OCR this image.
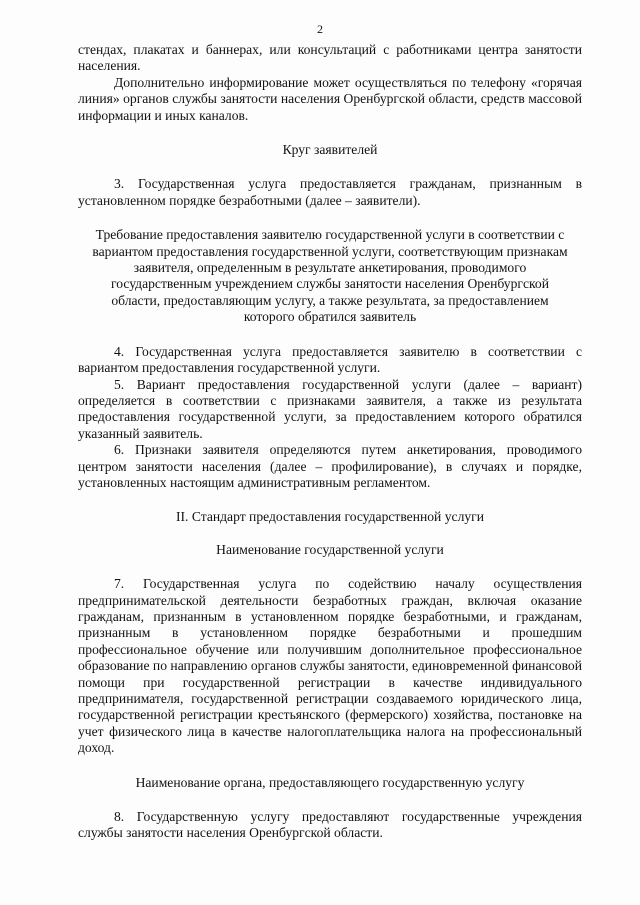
2

стендах, плакатах и баннерах, или консультаций с работниками центра занятости населения.

Дополнительно информирование может осуществляться по телефону «горячая линия» органов службы занятости населения Оренбургской области, средств массовой информации и иных каналов.

Круг заявителей

3. Государственная услуга предоставляется гражданам, признанным в установленном порядке безработными (далее – заявители).

Требование предоставления заявителю государственной услуги в соответствии с вариантом предоставления государственной услуги, соответствующим признакам заявителя, определенным в результате анкетирования, проводимого государственным учреждением службы занятости населения Оренбургской области, предоставляющим услугу, а также результата, за предоставлением которого обратился заявитель

4. Государственная услуга предоставляется заявителю в соответствии с вариантом предоставления государственной услуги.

5. Вариант предоставления государственной услуги (далее – вариант) определяется в соответствии с признаками заявителя, а также из результата предоставления государственной услуги, за предоставлением которого обратился указанный заявитель.

6. Признаки заявителя определяются путем анкетирования, проводимого центром занятости населения (далее – профилирование), в случаях и порядке, установленных настоящим административным регламентом.

II. Стандарт предоставления государственной услуги

Наименование государственной услуги

7. Государственная услуга по содействию началу осуществления предпринимательской деятельности безработных граждан, включая оказание гражданам, признанным в установленном порядке безработными, и гражданам, признанным в установленном порядке безработными и прошедшим профессиональное обучение или получившим дополнительное профессиональное образование по направлению органов службы занятости, единовременной финансовой помощи при государственной регистрации в качестве индивидуального предпринимателя, государственной регистрации создаваемого юридического лица, государственной регистрации крестьянского (фермерского) хозяйства, постановке на учет физического лица в качестве налогоплательщика налога на профессиональный доход.

Наименование органа, предоставляющего государственную услугу

8. Государственную услугу предоставляют государственные учреждения службы занятости населения Оренбургской области.
